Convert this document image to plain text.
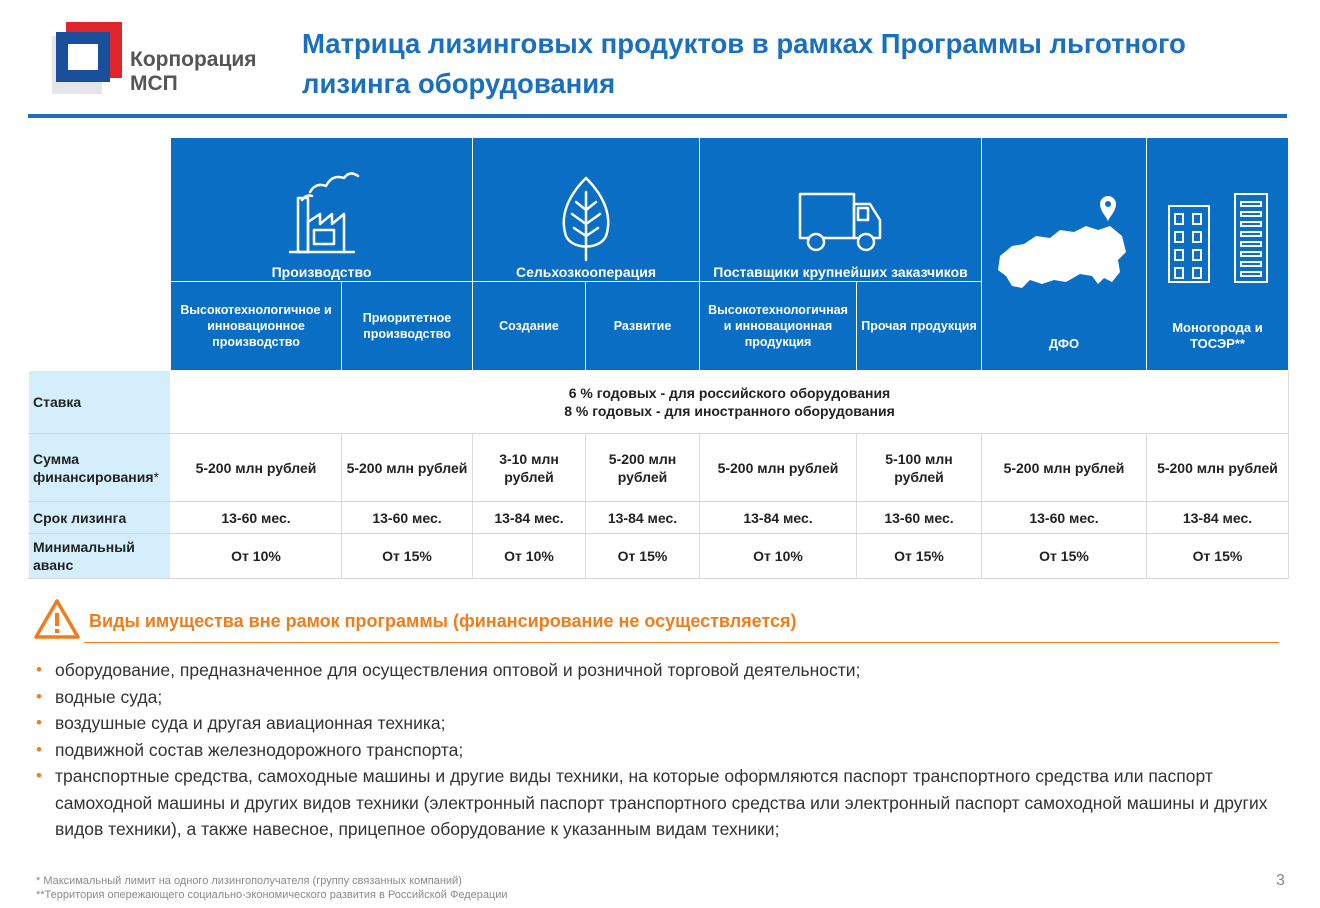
Корпорация
МСП
Матрица лизинговых продуктов в рамках Программы льготного лизинга оборудования

Производство		Сельхозкооперация		Поставщики крупнейших заказчиков		ДФО	Моногорода и ТОСЭР**

	Высокотехнологичное и инновационное производство	Приоритетное производство	Создание	Развитие	Высокотехнологичная и инновационная продукция	Прочая продукция		
Ставка	6 % годовых - для российского оборудования
8 % годовых - для иностранного оборудования							

Сумма финансирования*	5-200 млн рублей	5-200 млн рублей	3-10 млн рублей	5-200 млн рублей	5-200 млн рублей	5-100 млн рублей	5-200 млн рублей	5-200 млн рублей
Срок лизинга	13-60 мес.	13-60 мес.	13-84 мес.	13-84 мес.	13-84 мес.	13-60 мес.	13-60 мес.	13-84 мес.
Минимальный аванс	От 10%	От 15%	От 10%	От 15%	От 10%	От 15%	От 15%	От 15%
Виды имущества вне рамок программы (финансирование не осуществляется)
• оборудование, предназначенное для осуществления оптовой и розничной торговой деятельности;
• водные суда;
• воздушные суда и другая авиационная техника;
• подвижной состав железнодорожного транспорта;
• транспортные средства, самоходные машины и другие виды техники, на которые оформляются паспорт транспортного средства или паспорт самоходной машины и других видов техники (электронный паспорт транспортного средства или электронный паспорт самоходной машины и других видов техники), а также навесное, прицепное оборудование к указанным видам техники;
* Максимальный лимит на одного лизингополучателя (группу связанных компаний)
**Территория опережающего социально-экономического развития в Российской Федерации
3
